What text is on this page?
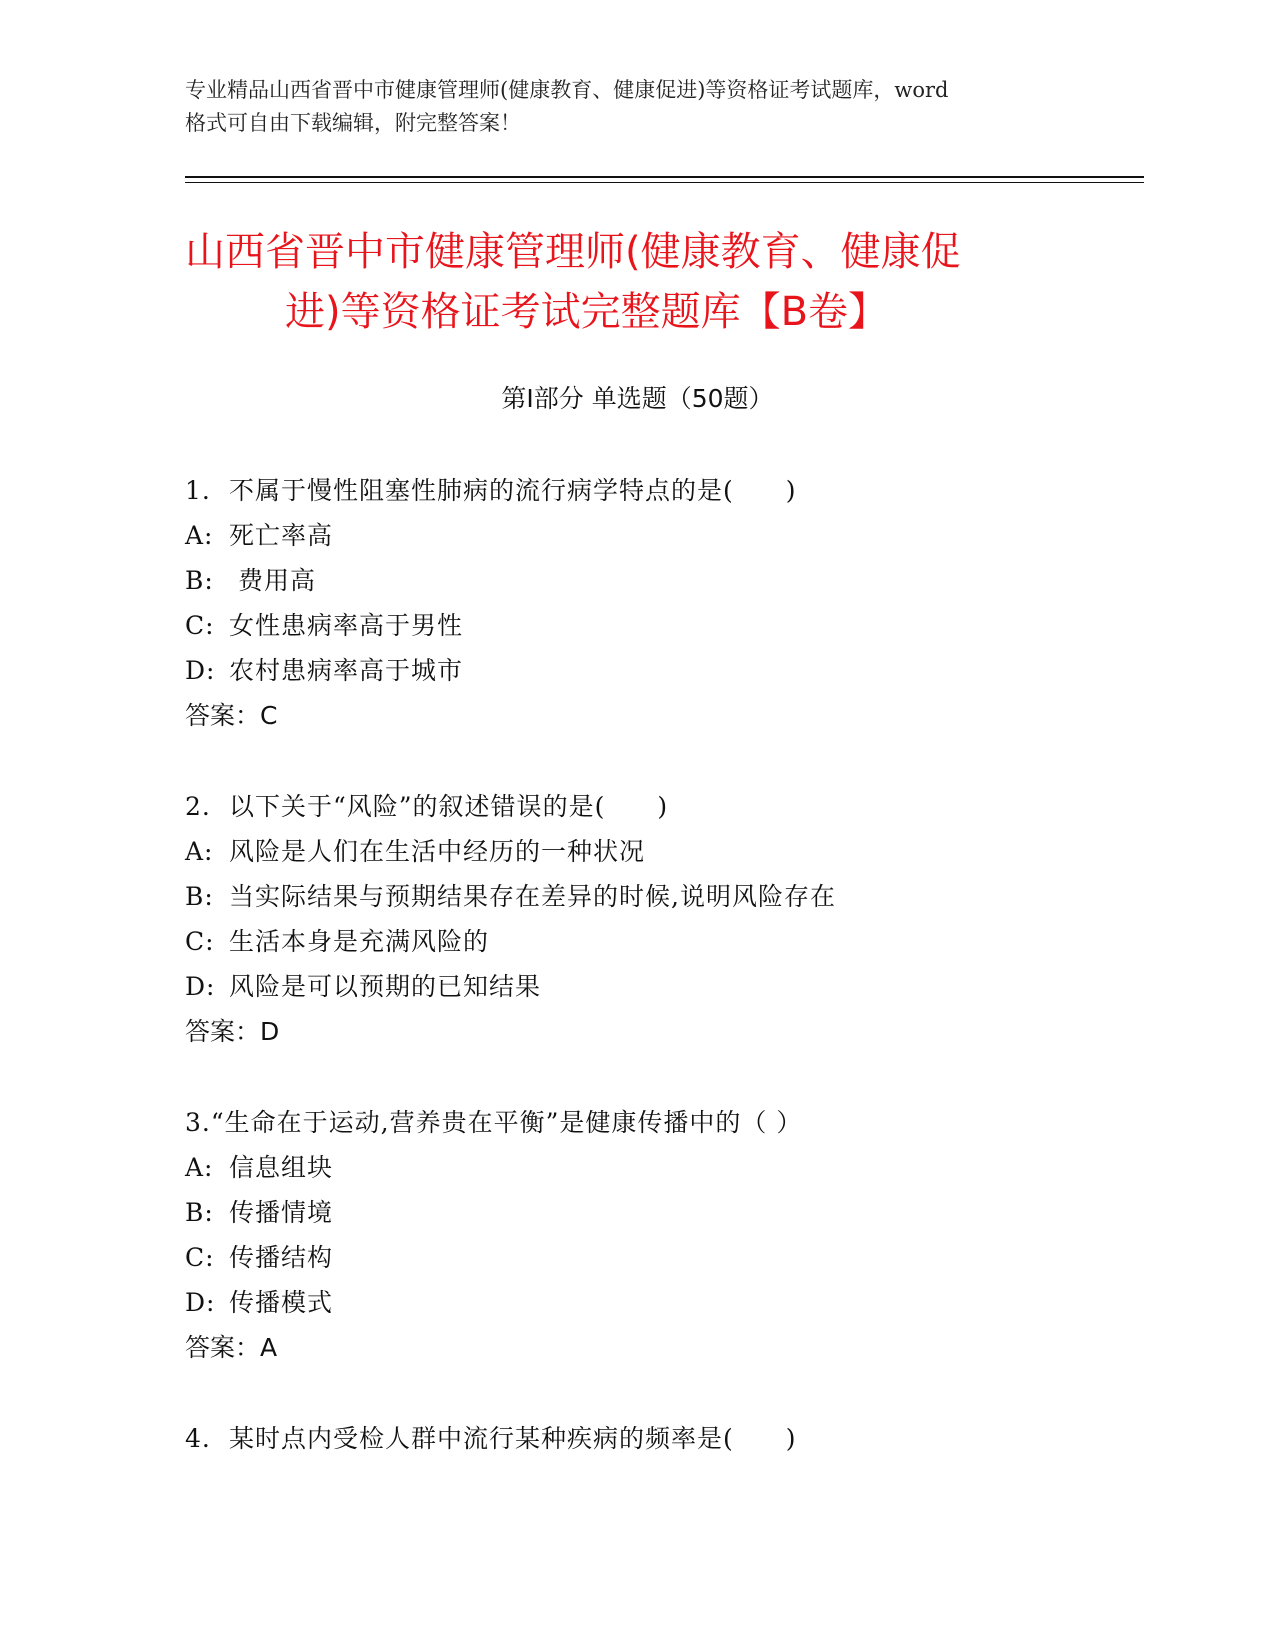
专业精品山西省晋中市健康管理师(健康教育、健康促进)等资格证考试题库，word
格式可自由下载编辑，附完整答案！
山西省晋中市健康管理师(健康教育、健康促
进)等资格证考试完整题库【B卷】
第Ⅰ部分 单选题（50题）
1. 不属于慢性阻塞性肺病的流行病学特点的是(　　)
A: 死亡率高
B: 费用高
C: 女性患病率高于男性
D: 农村患病率高于城市
答案：C
2. 以下关于“风险”的叙述错误的是(　　)
A: 风险是人们在生活中经历的一种状况
B: 当实际结果与预期结果存在差异的时候,说明风险存在
C: 生活本身是充满风险的
D: 风险是可以预期的已知结果
答案：D
3.“生命在于运动,营养贵在平衡”是健康传播中的（ ）
A: 信息组块
B: 传播情境
C: 传播结构
D: 传播模式
答案：A
4. 某时点内受检人群中流行某种疾病的频率是(　　)
